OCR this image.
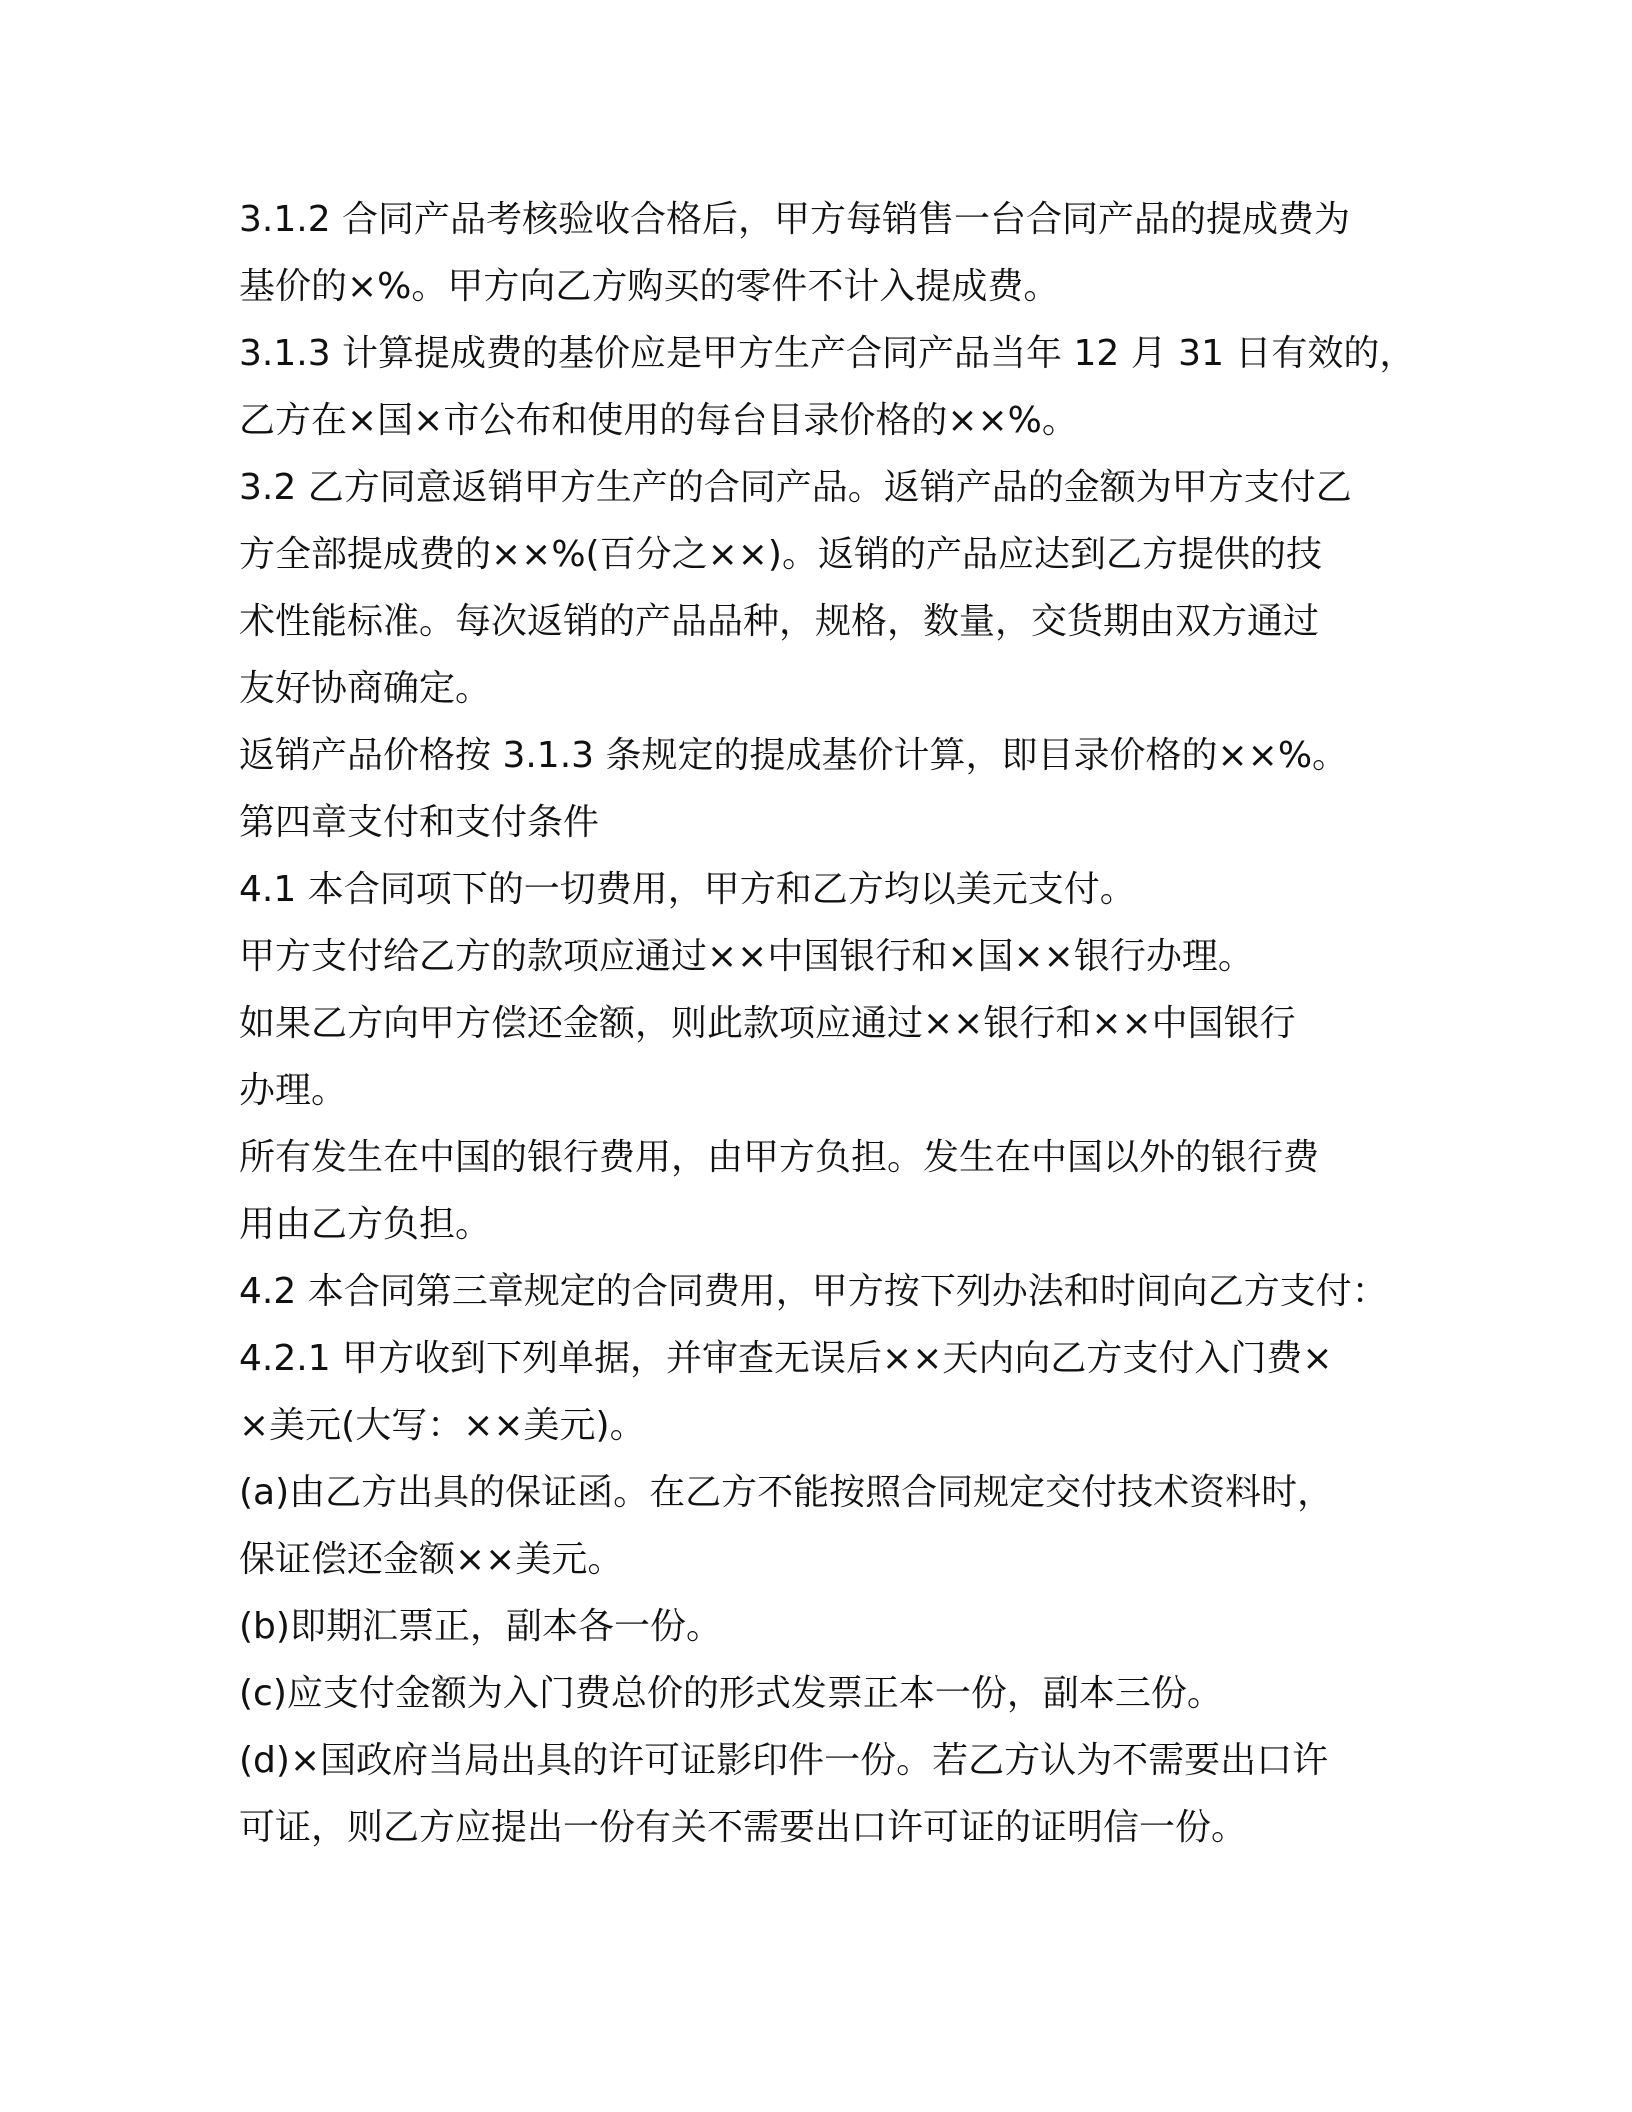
3.1.2 合同产品考核验收合格后，甲方每销售一台合同产品的提成费为
基价的×%。甲方向乙方购买的零件不计入提成费。
3.1.3 计算提成费的基价应是甲方生产合同产品当年 12 月 31 日有效的，
乙方在×国×市公布和使用的每台目录价格的××%。
3.2 乙方同意返销甲方生产的合同产品。返销产品的金额为甲方支付乙
方全部提成费的××%(百分之××)。返销的产品应达到乙方提供的技
术性能标准。每次返销的产品品种，规格，数量，交货期由双方通过
友好协商确定。
返销产品价格按 3.1.3 条规定的提成基价计算，即目录价格的××%。
第四章支付和支付条件
4.1 本合同项下的一切费用，甲方和乙方均以美元支付。
甲方支付给乙方的款项应通过××中国银行和×国××银行办理。
如果乙方向甲方偿还金额，则此款项应通过××银行和××中国银行
办理。
所有发生在中国的银行费用，由甲方负担。发生在中国以外的银行费
用由乙方负担。
4.2 本合同第三章规定的合同费用，甲方按下列办法和时间向乙方支付：
4.2.1 甲方收到下列单据，并审查无误后××天内向乙方支付入门费×
×美元(大写：××美元)。
(a)由乙方出具的保证函。在乙方不能按照合同规定交付技术资料时，
保证偿还金额××美元。
(b)即期汇票正，副本各一份。
(c)应支付金额为入门费总价的形式发票正本一份，副本三份。
(d)×国政府当局出具的许可证影印件一份。若乙方认为不需要出口许
可证，则乙方应提出一份有关不需要出口许可证的证明信一份。
